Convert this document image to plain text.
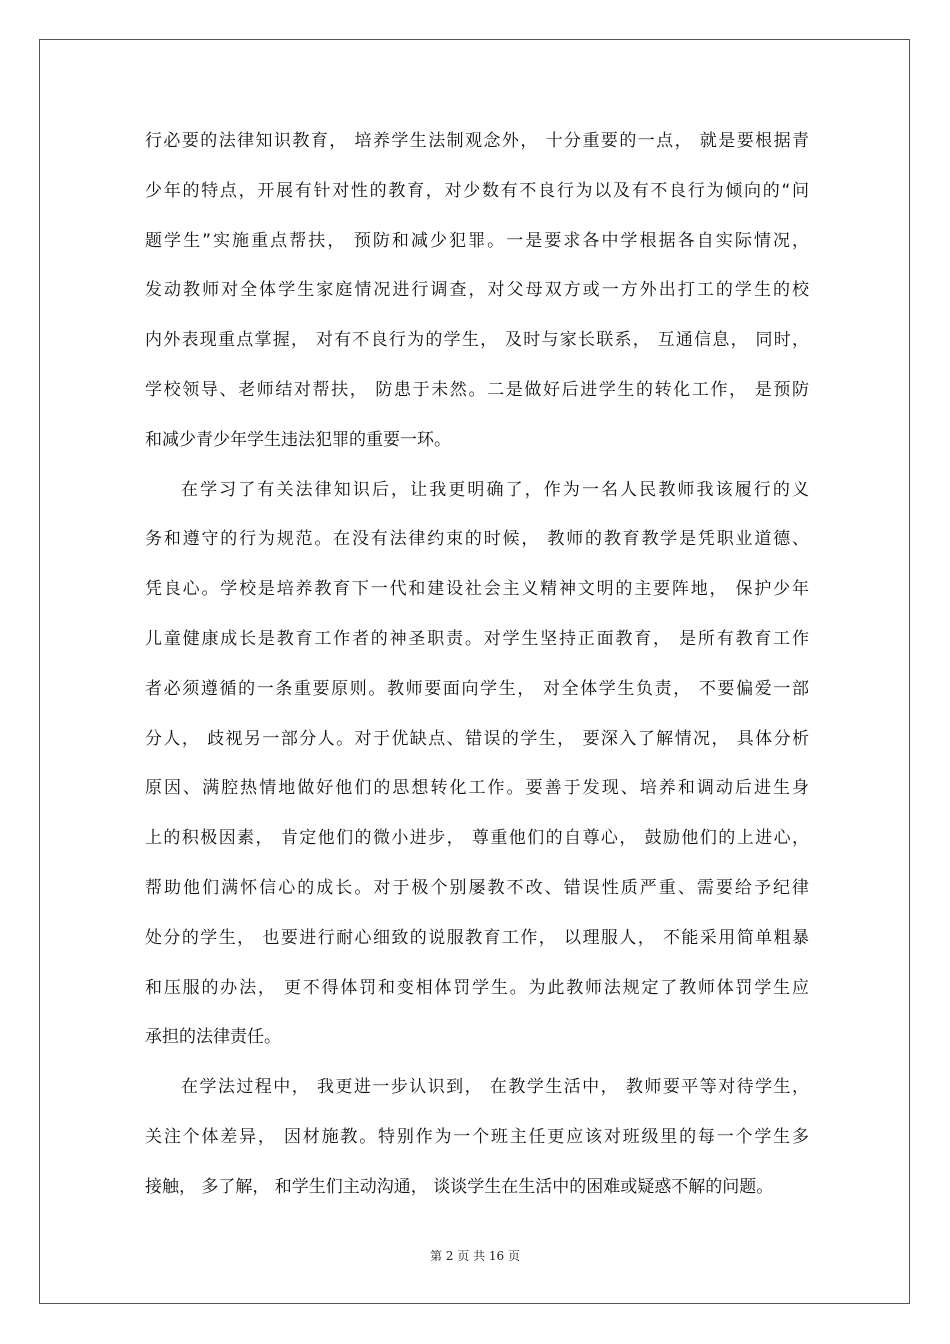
行必要的法律知识教育， 培养学生法制观念外， 十分重要的一点， 就是要根据青
少年的特点，开展有针对性的教育，对少数有不良行为以及有不良行为倾向的“问
题学生”实施重点帮扶， 预防和减少犯罪。一是要求各中学根据各自实际情况，
发动教师对全体学生家庭情况进行调查，对父母双方或一方外出打工的学生的校
内外表现重点掌握， 对有不良行为的学生， 及时与家长联系， 互通信息， 同时，
学校领导、老师结对帮扶， 防患于未然。二是做好后进学生的转化工作， 是预防
和减少青少年学生违法犯罪的重要一环。
在学习了有关法律知识后，让我更明确了，作为一名人民教师我该履行的义
务和遵守的行为规范。在没有法律约束的时候， 教师的教育教学是凭职业道德、
凭良心。学校是培养教育下一代和建设社会主义精神文明的主要阵地， 保护少年
儿童健康成长是教育工作者的神圣职责。对学生坚持正面教育， 是所有教育工作
者必须遵循的一条重要原则。教师要面向学生， 对全体学生负责， 不要偏爱一部
分人， 歧视另一部分人。对于优缺点、错误的学生， 要深入了解情况， 具体分析
原因、满腔热情地做好他们的思想转化工作。要善于发现、培养和调动后进生身
上的积极因素， 肯定他们的微小进步， 尊重他们的自尊心， 鼓励他们的上进心，
帮助他们满怀信心的成长。对于极个别屡教不改、错误性质严重、需要给予纪律
处分的学生， 也要进行耐心细致的说服教育工作， 以理服人， 不能采用简单粗暴
和压服的办法， 更不得体罚和变相体罚学生。为此教师法规定了教师体罚学生应
承担的法律责任。
在学法过程中， 我更进一步认识到， 在教学生活中， 教师要平等对待学生，
关注个体差异， 因材施教。特别作为一个班主任更应该对班级里的每一个学生多
接触， 多了解， 和学生们主动沟通， 谈谈学生在生活中的困难或疑惑不解的问题。
第 2 页 共 16 页
